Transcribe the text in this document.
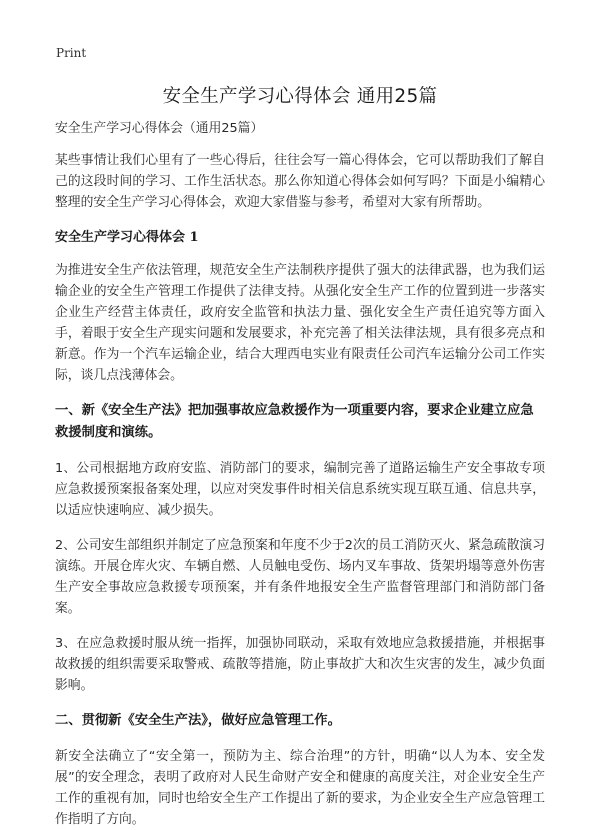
Print
安全生产学习心得体会 通用25篇

安全生产学习心得体会（通用25篇）

某些事情让我们心里有了一些心得后，往往会写一篇心得体会，它可以帮助我们了解自己的这段时间的学习、工作生活状态。那么你知道心得体会如何写吗？下面是小编精心整理的安全生产学习心得体会，欢迎大家借鉴与参考，希望对大家有所帮助。

安全生产学习心得体会 1

为推进安全生产依法管理，规范安全生产法制秩序提供了强大的法律武器，也为我们运输企业的安全生产管理工作提供了法律支持。从强化安全生产工作的位置到进一步落实企业生产经营主体责任，政府安全监管和执法力量、强化安全生产责任追究等方面入手，着眼于安全生产现实问题和发展要求，补充完善了相关法律法规，具有很多亮点和新意。作为一个汽车运输企业，结合大理西电实业有限责任公司汽车运输分公司工作实际，谈几点浅薄体会。

一、新《安全生产法》把加强事故应急救援作为一项重要内容，要求企业建立应急救援制度和演练。

1、公司根据地方政府安监、消防部门的要求，编制完善了道路运输生产安全事故专项应急救援预案报备案处理，以应对突发事件时相关信息系统实现互联互通、信息共享，以适应快速响应、减少损失。

2、公司安生部组织并制定了应急预案和年度不少于2次的员工消防灭火、紧急疏散演习演练。开展仓库火灾、车辆自燃、人员触电受伤、场内叉车事故、货架坍塌等意外伤害生产安全事故应急救援专项预案，并有条件地报安全生产监督管理部门和消防部门备案。

3、在应急救援时服从统一指挥，加强协同联动，采取有效地应急救援措施，并根据事故救援的组织需要采取警戒、疏散等措施，防止事故扩大和次生灾害的发生，减少负面影响。

二、贯彻新《安全生产法》，做好应急管理工作。

新安全法确立了“安全第一，预防为主、综合治理”的方针，明确“以人为本、安全发展”的安全理念，表明了政府对人民生命财产安全和健康的高度关注，对企业安全生产工作的重视有加，同时也给安全生产工作提出了新的要求，为企业安全生产应急管理工作指明了方向。
